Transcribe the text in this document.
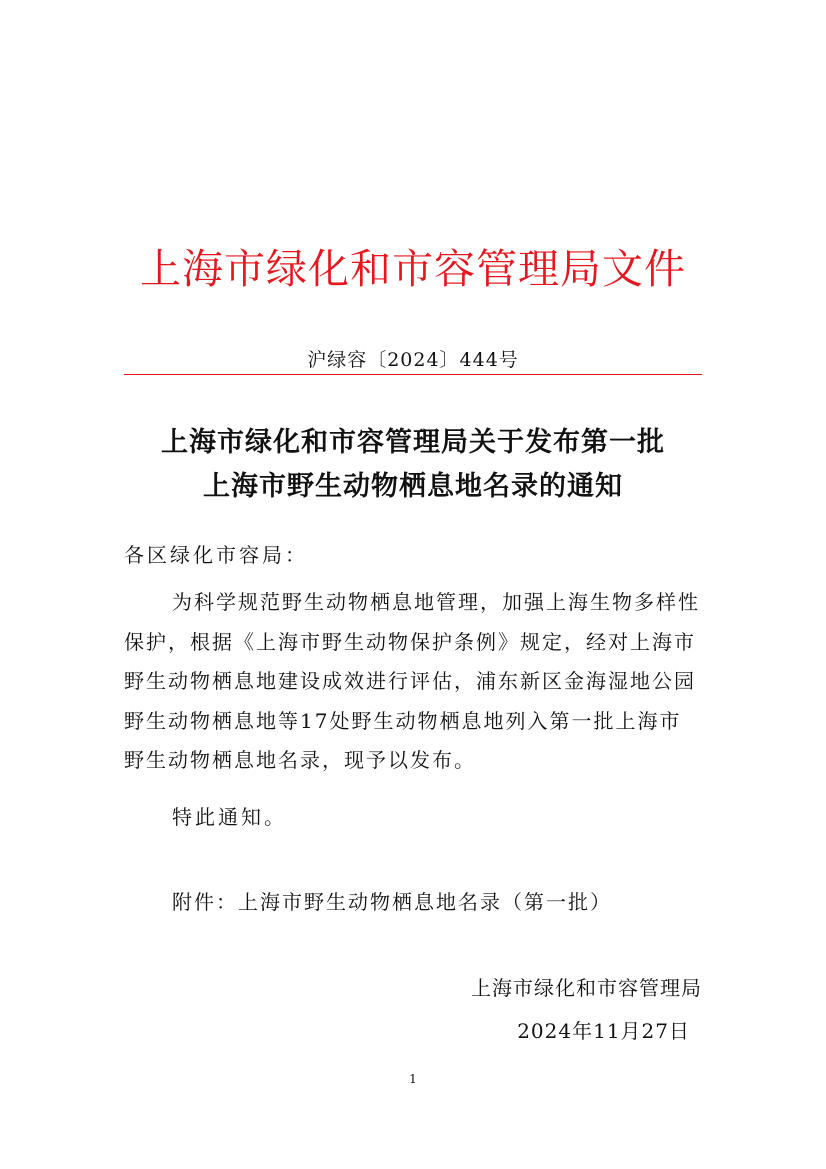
上海市绿化和市容管理局文件
沪绿容〔2024〕444号
上海市绿化和市容管理局关于发布第一批
上海市野生动物栖息地名录的通知
各区绿化市容局：
为科学规范野生动物栖息地管理，加强上海生物多样性
保护，根据《上海市野生动物保护条例》规定，经对上海市
野生动物栖息地建设成效进行评估，浦东新区金海湿地公园
野生动物栖息地等17处野生动物栖息地列入第一批上海市
野生动物栖息地名录，现予以发布。
特此通知。
附件：上海市野生动物栖息地名录（第一批）
上海市绿化和市容管理局
2024年11月27日
1
